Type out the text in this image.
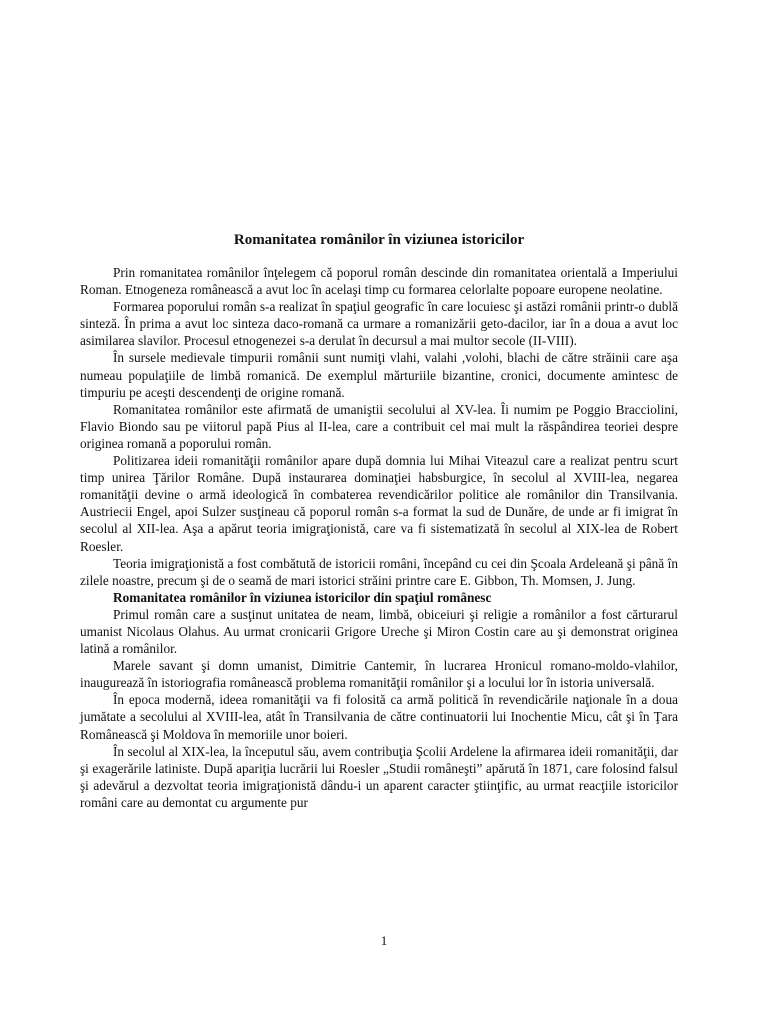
Romanitatea românilor în viziunea istoricilor

Prin romanitatea românilor înţelegem că poporul român descinde din romanitatea orientală a Imperiului Roman. Etnogeneza românească a avut loc în acelaşi timp cu formarea celorlalte popoare europene neolatine.

Formarea poporului român s-a realizat în spaţiul geografic în care locuiesc şi astăzi românii printr-o dublă sinteză. În prima a avut loc sinteza daco-romană ca urmare a romanizării geto-dacilor, iar în a doua a avut loc asimilarea slavilor. Procesul etnogenezei s-a derulat în decursul a mai multor secole (II-VIII).

În sursele medievale timpurii românii sunt numiţi vlahi, valahi ,volohi, blachi de către străinii care aşa numeau populaţiile de limbă romanică. De exemplul mărturiile bizantine, cronici, documente amintesc de timpuriu pe aceşti descendenţi de origine romană.

Romanitatea românilor este afirmată de umaniştii secolului al XV-lea. Îi numim pe Poggio Bracciolini, Flavio Biondo sau pe viitorul papă Pius al II-lea, care a contribuit cel mai mult la răspândirea teoriei despre originea romană a poporului român.

Politizarea ideii romanităţii românilor apare după domnia lui Mihai Viteazul care a realizat pentru scurt timp unirea Ţărilor Române. După instaurarea dominaţiei habsburgice, în secolul al XVIII-lea, negarea romanităţii devine o armă ideologică în combaterea revendicărilor politice ale românilor din Transilvania. Austriecii Engel, apoi Sulzer susţineau că poporul român s-a format la sud de Dunăre, de unde ar fi imigrat în secolul al XII-lea. Aşa a apărut teoria imigraţionistă, care va fi sistematizată în secolul al XIX-lea de Robert Roesler.

Teoria imigraţionistă a fost combătută de istoricii români, începând cu cei din Şcoala Ardeleană şi până în zilele noastre, precum şi de o seamă de mari istorici străini printre care E. Gibbon, Th. Momsen, J. Jung.

Romanitatea românilor în viziunea istoricilor din spaţiul românesc

Primul român care a susţinut unitatea de neam, limbă, obiceiuri şi religie a românilor a fost cărturarul umanist Nicolaus Olahus. Au urmat cronicarii Grigore Ureche şi Miron Costin care au şi demonstrat originea latină a românilor.

Marele savant şi domn umanist, Dimitrie Cantemir, în lucrarea Hronicul romano-moldo-vlahilor, inaugurează în istoriografia românească problema romanităţii românilor şi a locului lor în istoria universală.

În epoca modernă, ideea romanităţii va fi folosită ca armă politică în revendicările naţionale în a doua jumătate a secolului al XVIII-lea, atât în Transilvania de către continuatorii lui Inochentie Micu, cât şi în Ţara Românească şi Moldova în memoriile unor boieri.

În secolul al XIX-lea, la începutul său, avem contribuţia Şcolii Ardelene la afirmarea ideii romanităţii, dar şi exagerările latiniste. După apariţia lucrării lui Roesler „Studii româneşti” apărută în 1871, care folosind falsul şi adevărul a dezvoltat teoria imigraţionistă dându-i un aparent caracter ştiinţific, au urmat reacţiile istoricilor români care au demontat cu argumente pur

1
